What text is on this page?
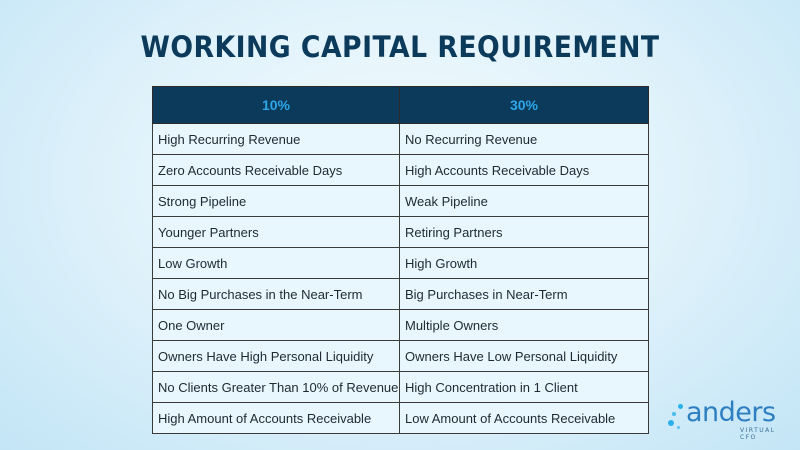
WORKING CAPITAL REQUIREMENT
10%	30%
High Recurring Revenue	No Recurring Revenue
Zero Accounts Receivable Days	High Accounts Receivable Days
Strong Pipeline	Weak Pipeline
Younger Partners	Retiring Partners
Low Growth	High Growth
No Big Purchases in the Near-Term	Big Purchases in Near-Term
One Owner	Multiple Owners
Owners Have High Personal Liquidity	Owners Have Low Personal Liquidity
No Clients Greater Than 10% of Revenue	High Concentration in 1 Client
High Amount of Accounts Receivable	Low Amount of Accounts Receivable	anders
VIRTUAL CFO
